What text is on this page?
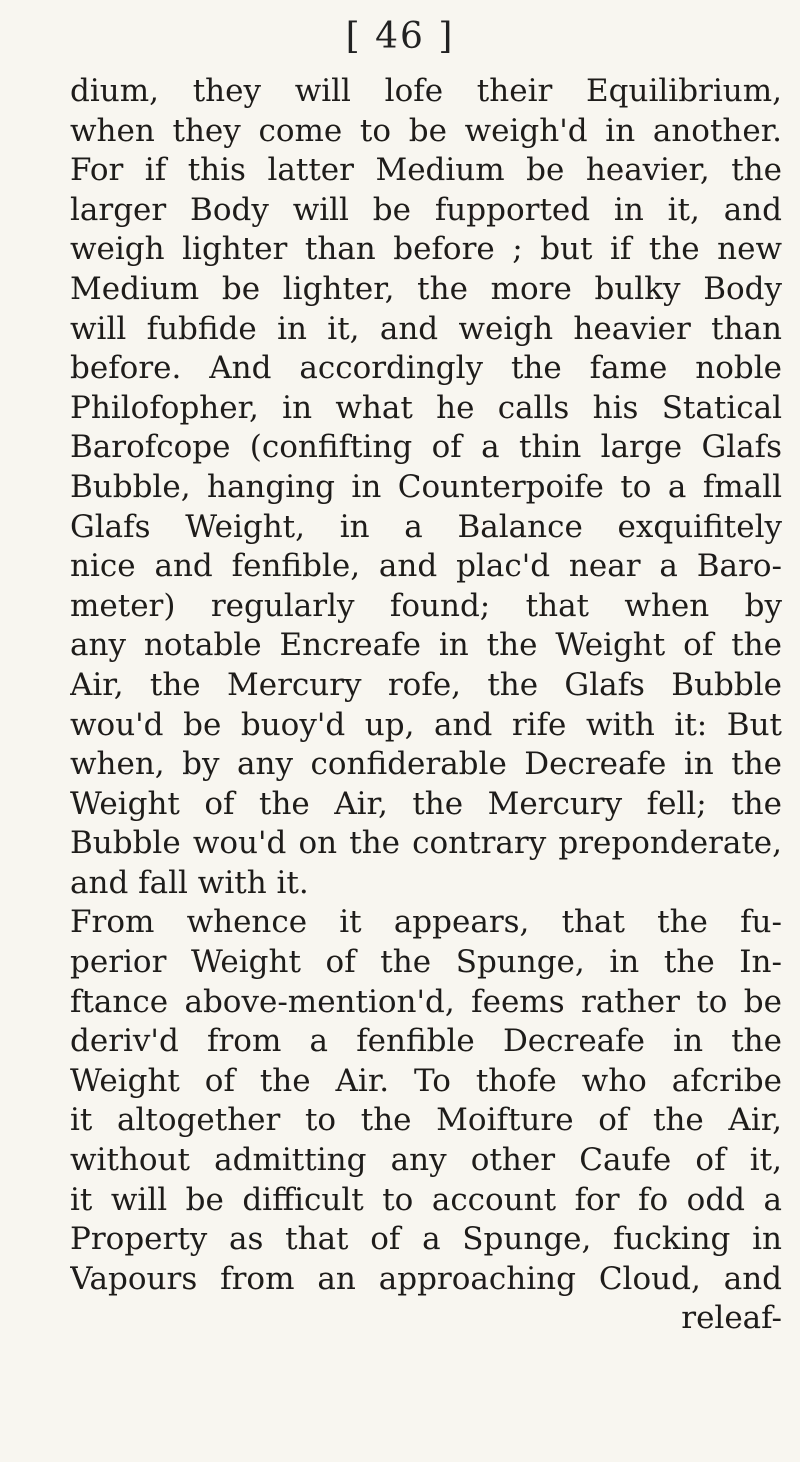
[ 46 ]
dium, they will lofe their Equilibrium,
when they come to be weigh'd in another.
For if this latter Medium be heavier, the
larger Body will be fupported in it, and
weigh lighter than before ; but if the new
Medium be lighter, the more bulky Body
will fubfide in it, and weigh heavier than
before. And accordingly the fame noble
Philofopher, in what he calls his Statical
Barofcope (confifting of a thin large Glafs
Bubble, hanging in Counterpoife to a fmall
Glafs Weight, in a Balance exquifitely
nice and fenfible, and plac'd near a Baro-
meter) regularly found; that when by
any notable Encreafe in the Weight of the
Air, the Mercury rofe, the Glafs Bubble
wou'd be buoy'd up, and rife with it: But
when, by any confiderable Decreafe in the
Weight of the Air, the Mercury fell; the
Bubble wou'd on the contrary preponderate,
and fall with it.
From whence it appears, that the fu-
perior Weight of the Spunge, in the In-
ftance above-mention'd, feems rather to be
deriv'd from a fenfible Decreafe in the
Weight of the Air. To thofe who afcribe
it altogether to the Moifture of the Air,
without admitting any other Caufe of it,
it will be difficult to account for fo odd a
Property as that of a Spunge, fucking in
Vapours from an approaching Cloud, and
releaf-
